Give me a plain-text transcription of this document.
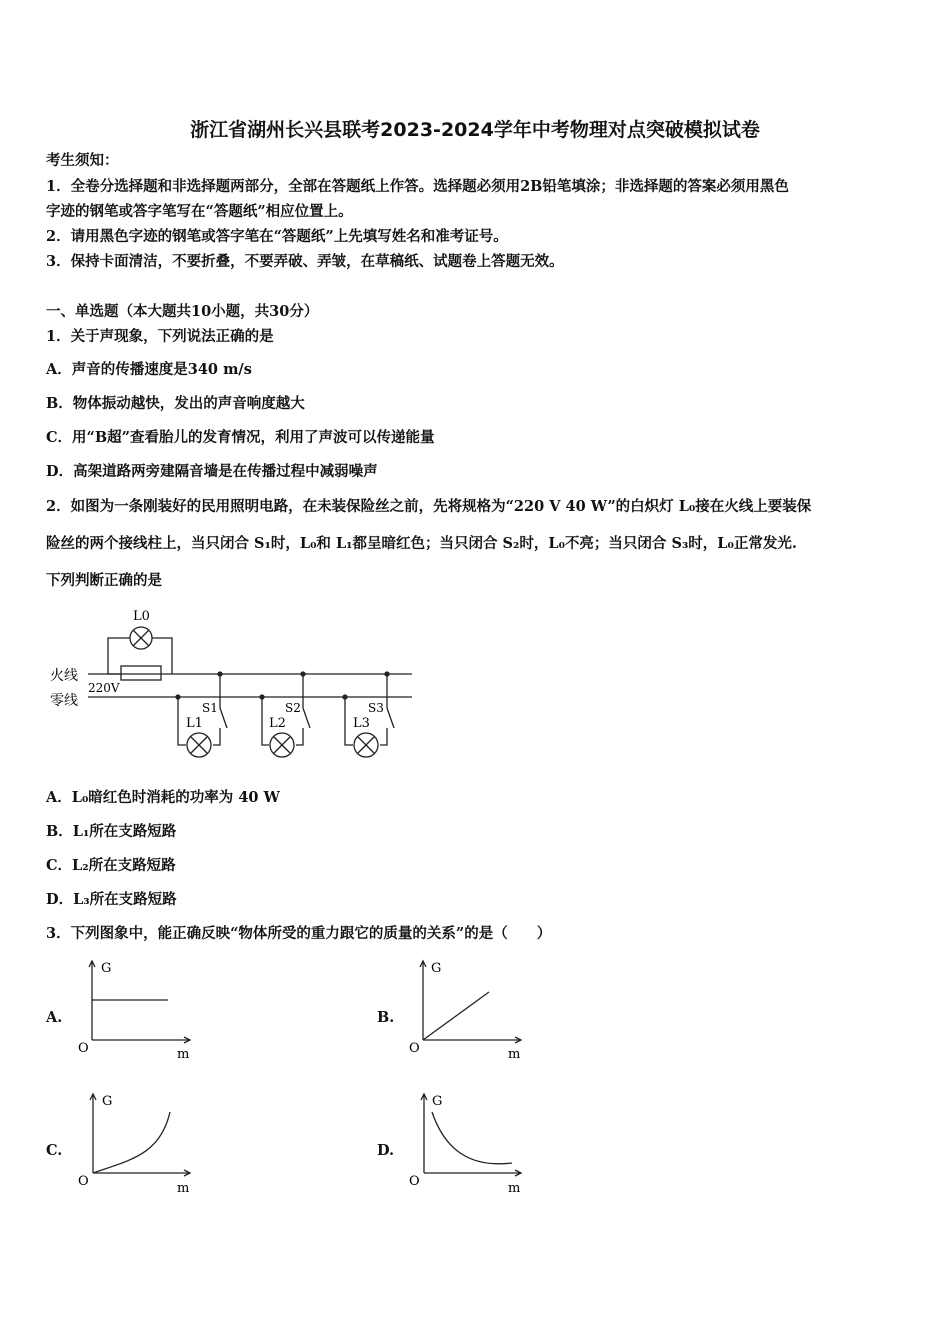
浙江省湖州长兴县联考2023-2024学年中考物理对点突破模拟试卷
考生须知：
1．全卷分选择题和非选择题两部分，全部在答题纸上作答。选择题必须用2B铅笔填涂；非选择题的答案必须用黑色
字迹的钢笔或答字笔写在“答题纸”相应位置上。
2．请用黑色字迹的钢笔或答字笔在“答题纸”上先填写姓名和准考证号。
3．保持卡面清洁，不要折叠，不要弄破、弄皱，在草稿纸、试题卷上答题无效。
一、单选题（本大题共10小题，共30分）
1．关于声现象，下列说法正确的是
A．声音的传播速度是340 m/s
B．物体振动越快，发出的声音响度越大
C．用“B超”查看胎儿的发育情况，利用了声波可以传递能量
D．高架道路两旁建隔音墙是在传播过程中减弱噪声
2．如图为一条刚装好的民用照明电路，在未装保险丝之前，先将规格为“220 V 40 W”的白炽灯 L₀接在火线上要装保
险丝的两个接线柱上，当只闭合 S₁时，L₀和 L₁都呈暗红色；当只闭合 S₂时，L₀不亮；当只闭合 S₃时，L₀正常发光.
下列判断正确的是
火线
零线
220V
L0
L1	L2	L3
S1	S2	S3
A．L₀暗红色时消耗的功率为 40 W
B．L₁所在支路短路
C．L₂所在支路短路
D．L₃所在支路短路
3．下列图象中，能正确反映“物体所受的重力跟它的质量的关系”的是（　　）
A.	B.
C.	D.
G
O	m
G
O	m
G
O	m
G
O	m
